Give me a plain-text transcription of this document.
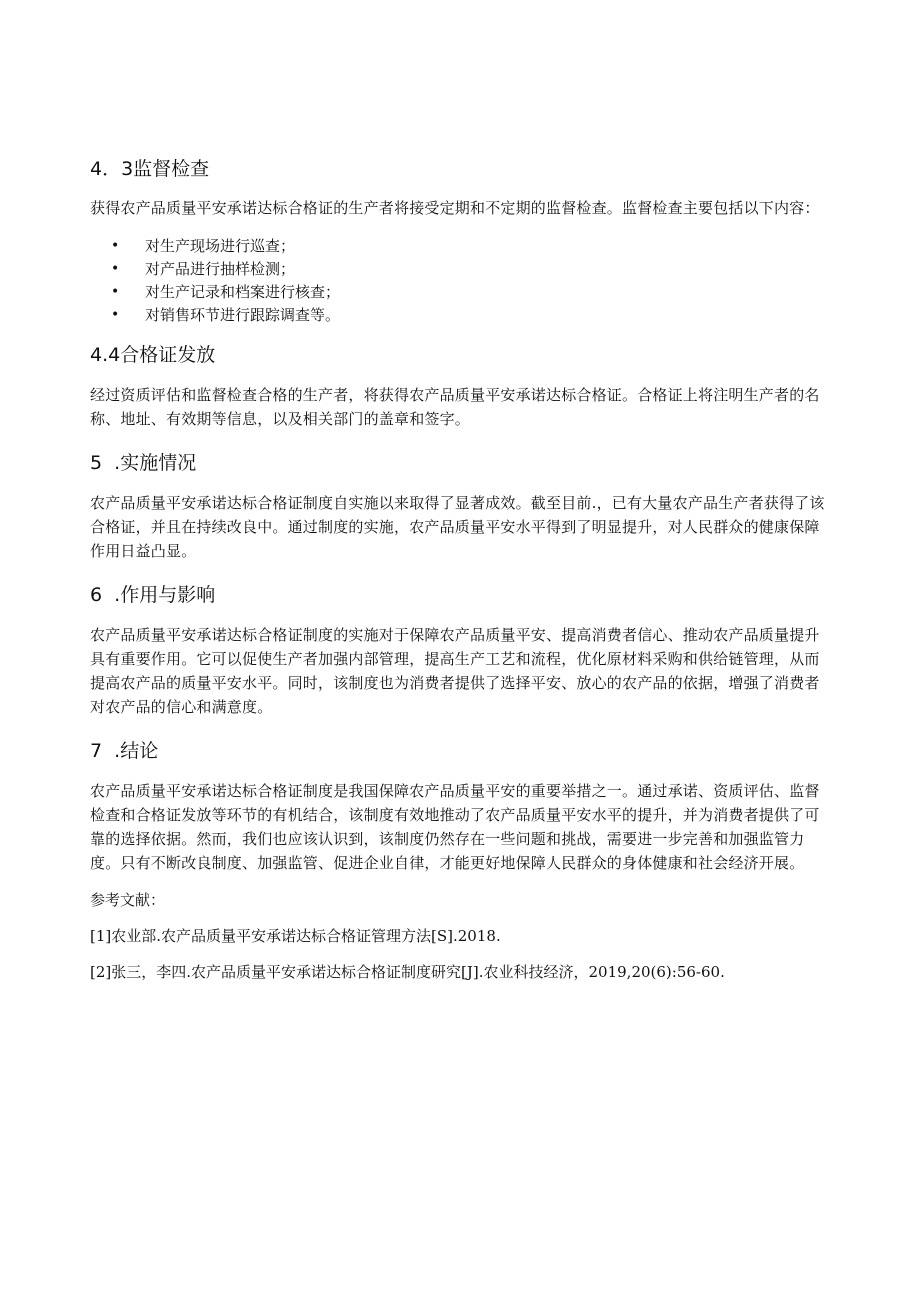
4．3监督检查

获得农产品质量平安承诺达标合格证的生产者将接受定期和不定期的监督检查。监督检查主要包括以下内容：

• 对生产现场进行巡查；
• 对产品进行抽样检测；
• 对生产记录和档案进行核查；
• 对销售环节进行跟踪调查等。
4.4合格证发放

经过资质评估和监督检查合格的生产者，将获得农产品质量平安承诺达标合格证。合格证上将注明生产者的名称、地址、有效期等信息，以及相关部门的盖章和签字。

5  .实施情况

农产品质量平安承诺达标合格证制度自实施以来取得了显著成效。截至目前.，已有大量农产品生产者获得了该合格证，并且在持续改良中。通过制度的实施，农产品质量平安水平得到了明显提升，对人民群众的健康保障作用日益凸显。

6  .作用与影响

农产品质量平安承诺达标合格证制度的实施对于保障农产品质量平安、提高消费者信心、推动农产品质量提升具有重要作用。它可以促使生产者加强内部管理，提高生产工艺和流程，优化原材料采购和供给链管理，从而提高农产品的质量平安水平。同时，该制度也为消费者提供了选择平安、放心的农产品的依据，增强了消费者对农产品的信心和满意度。

7  .结论

农产品质量平安承诺达标合格证制度是我国保障农产品质量平安的重要举措之一。通过承诺、资质评估、监督检查和合格证发放等环节的有机结合，该制度有效地推动了农产品质量平安水平的提升，并为消费者提供了可靠的选择依据。然而，我们也应该认识到，该制度仍然存在一些问题和挑战，需要进一步完善和加强监管力度。只有不断改良制度、加强监管、促进企业自律，才能更好地保障人民群众的身体健康和社会经济开展。

参考文献：

[1]农业部.农产品质量平安承诺达标合格证管理方法[S].2018.

[2]张三，李四.农产品质量平安承诺达标合格证制度研究[J].农业科技经济，2019,20(6):56-60.
